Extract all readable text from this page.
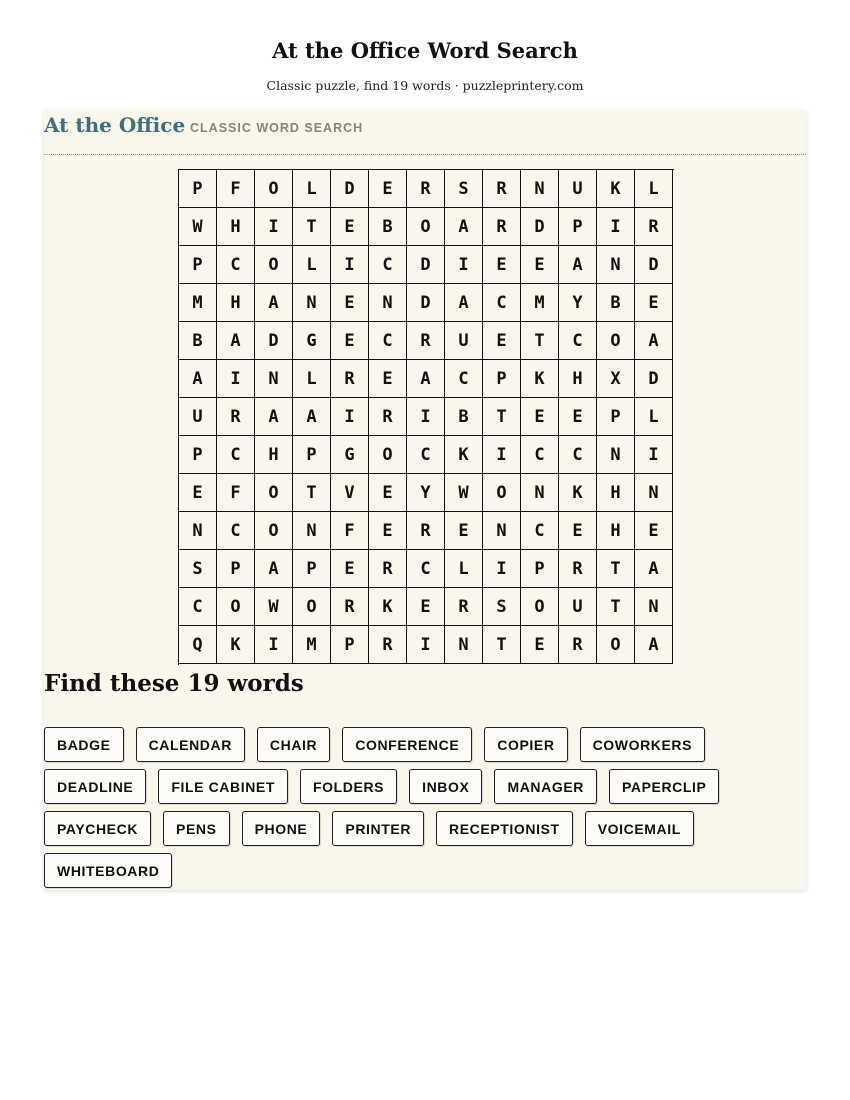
At the Office Word Search
Classic puzzle, find 19 words · puzzleprintery.com
At the Office CLASSIC WORD SEARCH
P	F	O	L	D	E	R	S	R	N	U	K	L
W	H	I	T	E	B	O	A	R	D	P	I	R
P	C	O	L	I	C	D	I	E	E	A	N	D
M	H	A	N	E	N	D	A	C	M	Y	B	E
B	A	D	G	E	C	R	U	E	T	C	O	A
A	I	N	L	R	E	A	C	P	K	H	X	D
U	R	A	A	I	R	I	B	T	E	E	P	L
P	C	H	P	G	O	C	K	I	C	C	N	I
E	F	O	T	V	E	Y	W	O	N	K	H	N
N	C	O	N	F	E	R	E	N	C	E	H	E
S	P	A	P	E	R	C	L	I	P	R	T	A
C	O	W	O	R	K	E	R	S	O	U	T	N
Q	K	I	M	P	R	I	N	T	E	R	O	A
Find these 19 words
BADGE	CALENDAR	CHAIR	CONFERENCE	COPIER	COWORKERS
DEADLINE	FILE CABINET	FOLDERS	INBOX	MANAGER	PAPERCLIP
PAYCHECK	PENS	PHONE	PRINTER	RECEPTIONIST	VOICEMAIL
WHITEBOARD
